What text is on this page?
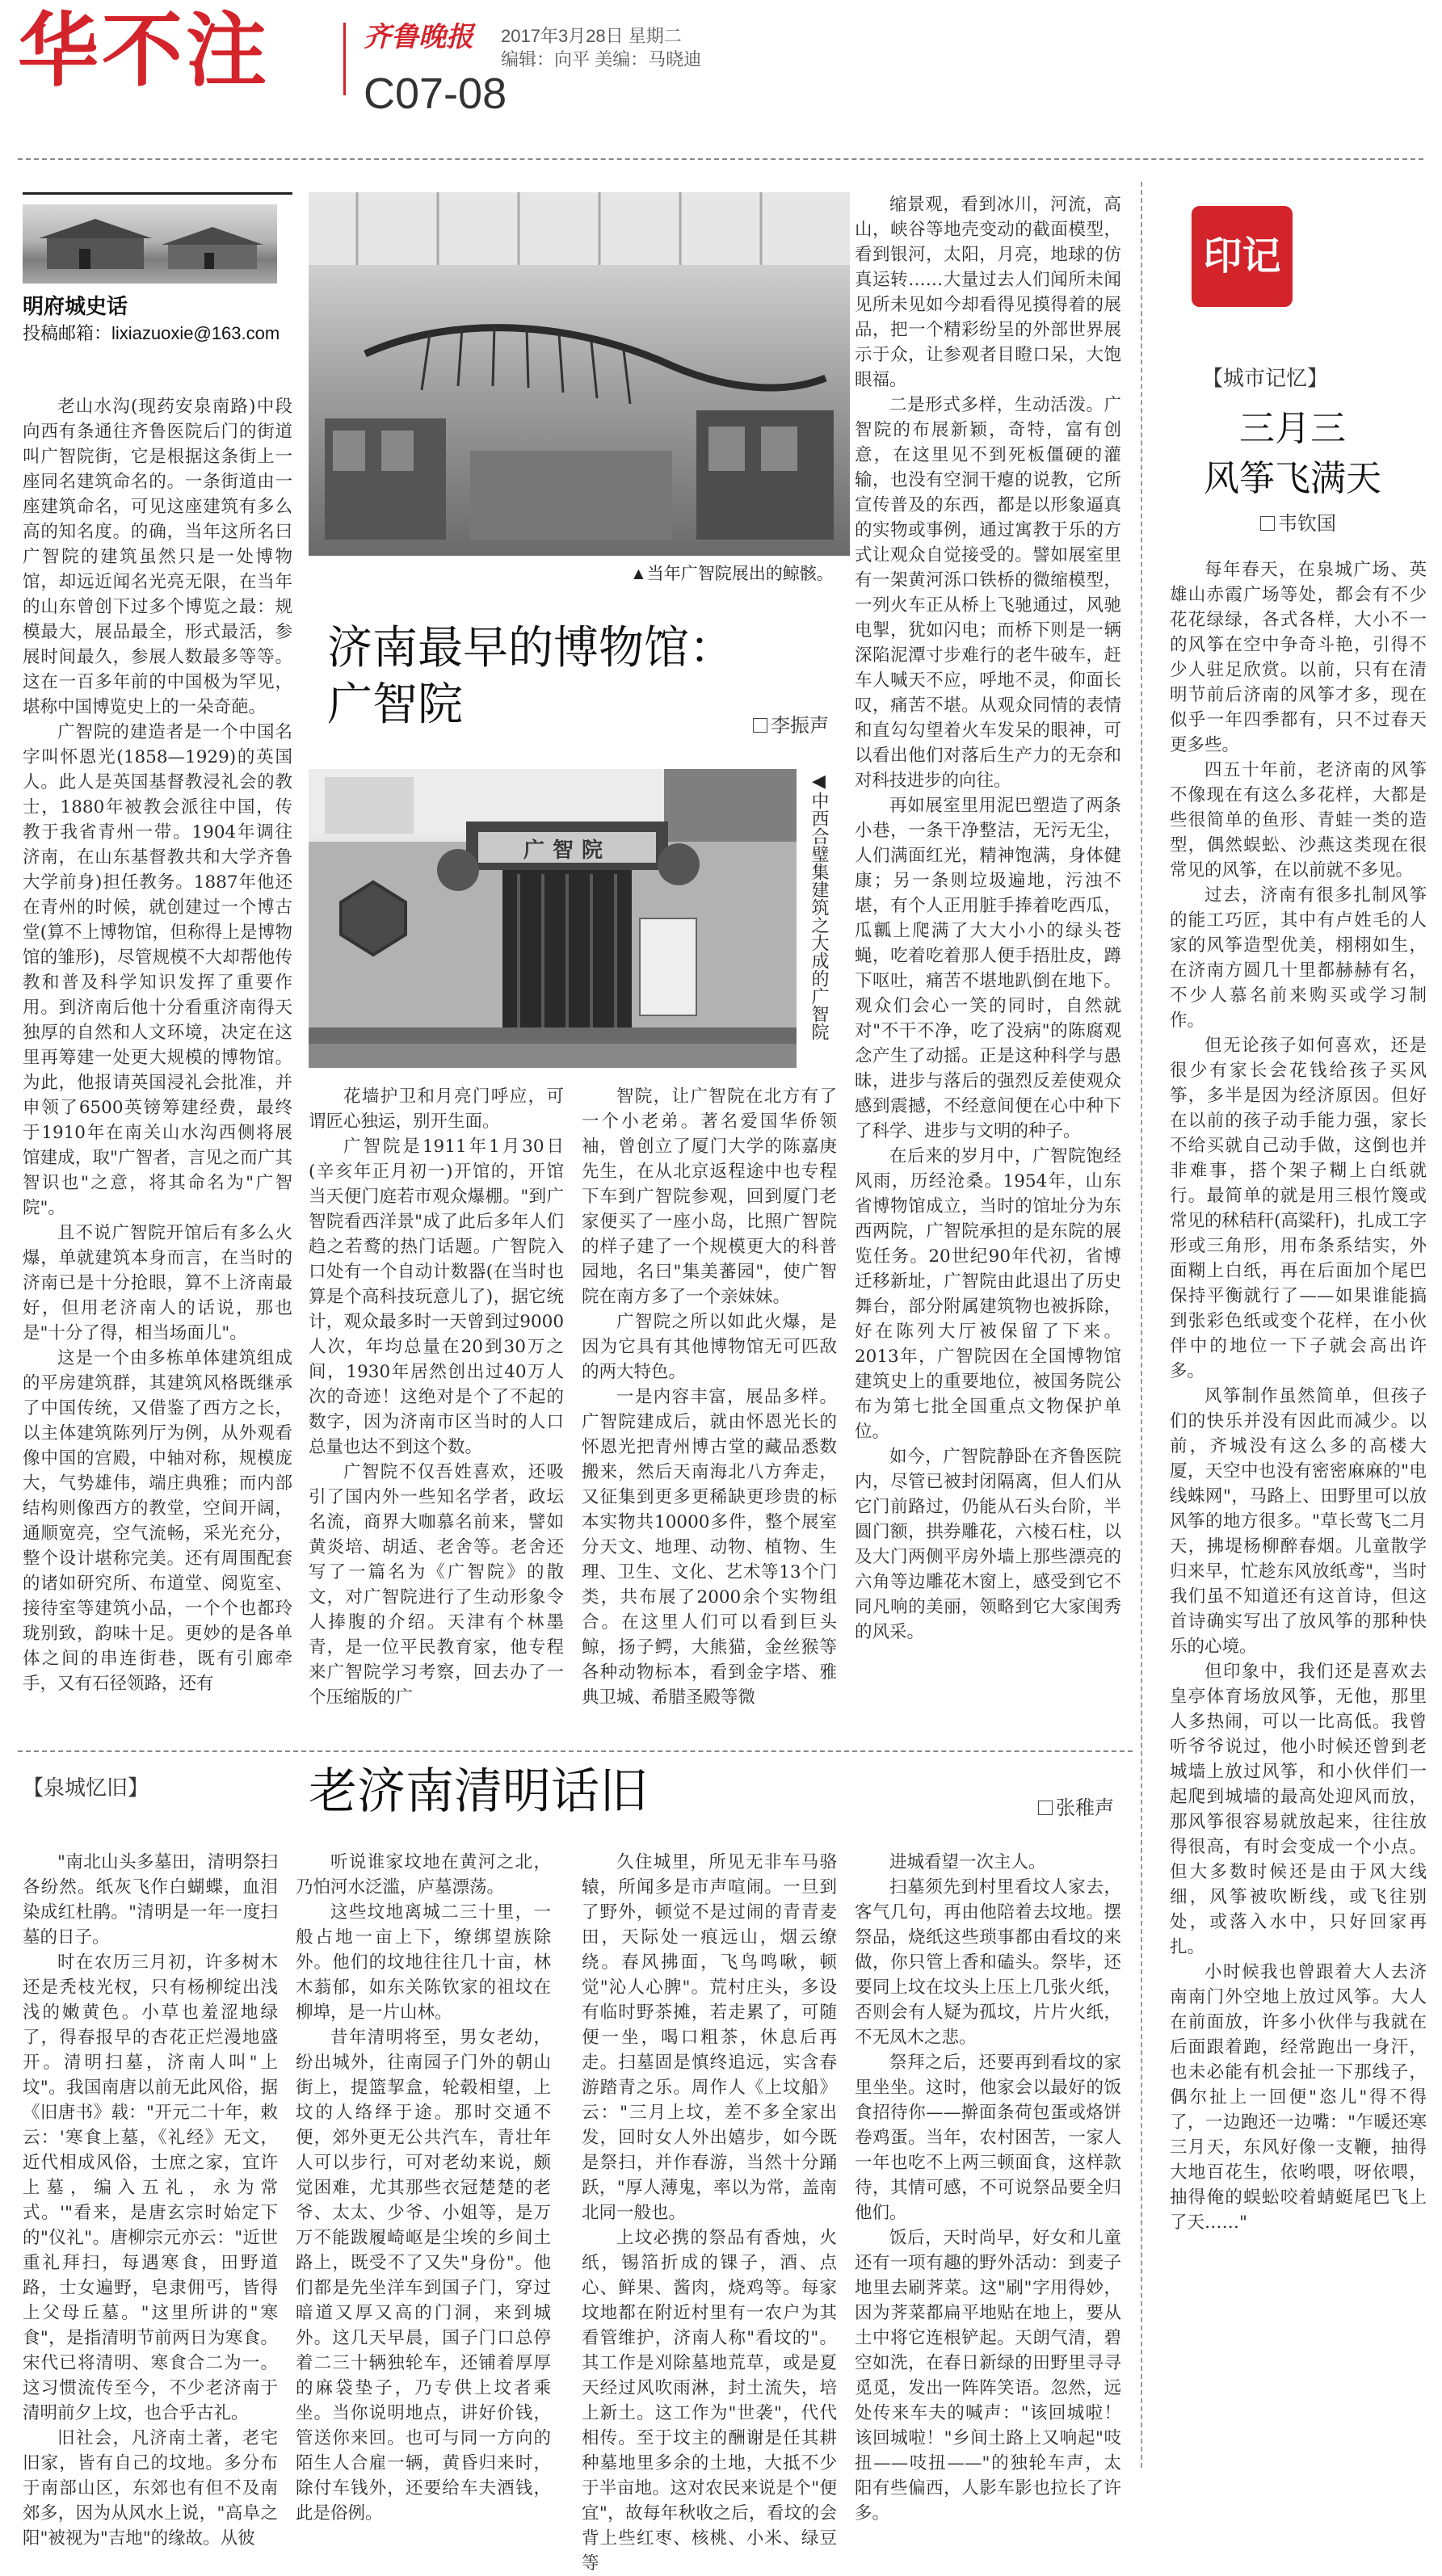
华不注	齐鲁晚报 2017年3月28日 星期二
编辑：向平 美编：马晓迪
C07-08
明府城史话
投稿邮箱：lixiazuoxie@163.com

老山水沟(现药安泉南路)中段向西有条通往齐鲁医院后门的街道叫广智院街，它是根据这条街上一座同名建筑命名的。一条街道由一座建筑命名，可见这座建筑有多么高的知名度。的确，当年这所名曰广智院的建筑虽然只是一处博物馆，却远近闻名光亮无限，在当年的山东曾创下过多个博览之最：规模最大，展品最全，形式最活，参展时间最久，参展人数最多等等。这在一百多年前的中国极为罕见，堪称中国博览史上的一朵奇葩。

广智院的建造者是一个中国名字叫怀恩光(1858—1929)的英国人。此人是英国基督教浸礼会的教士，1880年被教会派往中国，传教于我省青州一带。1904年调往济南，在山东基督教共和大学齐鲁大学前身)担任教务。1887年他还在青州的时候，就创建过一个博古堂(算不上博物馆，但称得上是博物馆的雏形)，尽管规模不大却帮他传教和普及科学知识发挥了重要作用。到济南后他十分看重济南得天独厚的自然和人文环境，决定在这里再筹建一处更大规模的博物馆。为此，他报请英国浸礼会批准，并申领了6500英镑筹建经费，最终于1910年在南关山水沟西侧将展馆建成，取"广智者，言见之而广其智识也"之意，将其命名为"广智院"。

且不说广智院开馆后有多么火爆，单就建筑本身而言，在当时的济南已是十分抢眼，算不上济南最好，但用老济南人的话说，那也是"十分了得，相当场面儿"。

这是一个由多栋单体建筑组成的平房建筑群，其建筑风格既继承了中国传统，又借鉴了西方之长，以主体建筑陈列厅为例，从外观看像中国的宫殿，中轴对称，规模庞大，气势雄伟，端庄典雅；而内部结构则像西方的教堂，空间开阔，通顺宽亮，空气流畅，采光充分，整个设计堪称完美。还有周围配套的诸如研究所、布道堂、阅览室、接待室等建筑小品，一个个也都玲珑别致，韵味十足。更妙的是各单体之间的串连街巷，既有引廊牵手，又有石径领路，还有

▲当年广智院展出的鲸骸。
济南最早的博物馆：
广智院	李振声
广智院
◀中西合璧集建筑之大成的广智院

花墙护卫和月亮门呼应，可谓匠心独运，别开生面。

广智院是1911年1月30日(辛亥年正月初一)开馆的，开馆当天便门庭若市观众爆棚。"到广智院看西洋景"成了此后多年人们趋之若鹜的热门话题。广智院入口处有一个自动计数器(在当时也算是个高科技玩意儿了)，据它统计，观众最多时一天曾到过9000人次，年均总量在20到30万之间，1930年居然创出过40万人次的奇迹！这绝对是个了不起的数字，因为济南市区当时的人口总量也达不到这个数。

广智院不仅吾姓喜欢，还吸引了国内外一些知名学者，政坛名流，商界大咖慕名前来，譬如黄炎培、胡适、老舍等。老舍还写了一篇名为《广智院》的散文，对广智院进行了生动形象令人捧腹的介绍。天津有个林墨青，是一位平民教育家，他专程来广智院学习考察，回去办了一个压缩版的广

智院，让广智院在北方有了一个小老弟。著名爱国华侨领袖，曾创立了厦门大学的陈嘉庚先生，在从北京返程途中也专程下车到广智院参观，回到厦门老家便买了一座小岛，比照广智院的样子建了一个规模更大的科普园地，名曰"集美蕃园"，使广智院在南方多了一个亲妹妹。

广智院之所以如此火爆，是因为它具有其他博物馆无可匹敌的两大特色。

一是内容丰富，展品多样。广智院建成后，就由怀恩光长的怀恩光把青州博古堂的藏品悉数搬来，然后天南海北八方奔走，又征集到更多更稀缺更珍贵的标本实物共10000多件，整个展室分天文、地理、动物、植物、生理、卫生、文化、艺术等13个门类，共布展了2000余个实物组合。在这里人们可以看到巨头鲸，扬子鳄，大熊猫，金丝猴等各种动物标本，看到金字塔、雅典卫城、希腊圣殿等微

缩景观，看到冰川，河流，高山，峡谷等地壳变动的截面模型，看到银河，太阳，月亮，地球的仿真运转……大量过去人们闻所未闻见所未见如今却看得见摸得着的展品，把一个精彩纷呈的外部世界展示于众，让参观者目瞪口呆，大饱眼福。

二是形式多样，生动活泼。广智院的布展新颖，奇特，富有创意，在这里见不到死板僵硬的灌输，也没有空洞干瘪的说教，它所宣传普及的东西，都是以形象逼真的实物或事例，通过寓教于乐的方式让观众自觉接受的。譬如展室里有一架黄河泺口铁桥的微缩模型，一列火车正从桥上飞驰通过，风驰电掣，犹如闪电；而桥下则是一辆深陷泥潭寸步难行的老牛破车，赶车人喊天不应，呼地不灵，仰面长叹，痛苦不堪。从观众同情的表情和直勾勾望着火车发呆的眼神，可以看出他们对落后生产力的无奈和对科技进步的向往。

再如展室里用泥巴塑造了两条小巷，一条干净整洁，无污无尘，人们满面红光，精神饱满，身体健康；另一条则垃圾遍地，污浊不堪，有个人正用脏手捧着吃西瓜，瓜瓤上爬满了大大小小的绿头苍蝇，吃着吃着那人便手捂肚皮，蹲下呕吐，痛苦不堪地趴倒在地下。观众们会心一笑的同时，自然就对"不干不净，吃了没病"的陈腐观念产生了动摇。正是这种科学与愚昧，进步与落后的强烈反差使观众感到震撼，不经意间便在心中种下了科学、进步与文明的种子。

在后来的岁月中，广智院饱经风雨，历经沧桑。1954年，山东省博物馆成立，当时的馆址分为东西两院，广智院承担的是东院的展览任务。20世纪90年代初，省博迁移新址，广智院由此退出了历史舞台，部分附属建筑物也被拆除，好在陈列大厅被保留了下来。2013年，广智院因在全国博物馆建筑史上的重要地位，被国务院公布为第七批全国重点文物保护单位。

如今，广智院静卧在齐鲁医院内，尽管已被封闭隔离，但人们从它门前路过，仍能从石头台阶，半圆门额，拱券雕花，六棱石柱，以及大门两侧平房外墙上那些漂亮的六角等边雕花木窗上，感受到它不同凡响的美丽，领略到它大家闺秀的风采。

【泉城忆旧】	老济南清明话旧	张稚声

"南北山头多墓田，清明祭扫各纷然。纸灰飞作白蝴蝶，血泪染成红杜鹃。"清明是一年一度扫墓的日子。

时在农历三月初，许多树木还是秃枝光杈，只有杨柳绽出浅浅的嫩黄色。小草也羞涩地绿了，得春报早的杏花正烂漫地盛开。清明扫墓，济南人叫"上坟"。我国南唐以前无此风俗，据《旧唐书》载："开元二十年，敕云：'寒食上墓，《礼经》无文，近代相成风俗，士庶之家，宜许上墓，编入五礼，永为常式。'"看来，是唐玄宗时始定下的"仪礼"。唐柳宗元亦云："近世重礼拜扫，每遇寒食，田野道路，士女遍野，皂隶佣丐，皆得上父母丘墓。"这里所讲的"寒食"，是指清明节前两日为寒食。宋代已将清明、寒食合二为一。这习惯流传至今，不少老济南于清明前夕上坟，也合乎古礼。

旧社会，凡济南土著，老宅旧家，皆有自己的坟地。多分布于南部山区，东郊也有但不及南郊多，因为从风水上说，"高阜之阳"被视为"吉地"的缘故。从彼

听说谁家坟地在黄河之北，乃怕河水泛滥，庐墓漂荡。

这些坟地离城二三十里，一般占地一亩上下，缭绑望族除外。他们的坟地往往几十亩，林木蓊郁，如东关陈钦家的祖坟在柳埠，是一片山林。

昔年清明将至，男女老幼，纷出城外，往南园子门外的朝山街上，提篮挈盒，轮毂相望，上坟的人络绎于途。那时交通不便，郊外更无公共汽车，青壮年人可以步行，可对老幼来说，颇觉困难，尤其那些衣冠楚楚的老爷、太太、少爷、小姐等，是万万不能跋履崎岖是尘埃的乡间土路上，既受不了又失"身份"。他们都是先坐洋车到国子门，穿过暗道又厚又高的门洞，来到城外。这几天早晨，国子门口总停着二三十辆独轮车，还铺着厚厚的麻袋垫子，乃专供上坟者乘坐。当你说明地点，讲好价钱，管送你来回。也可与同一方向的陌生人合雇一辆，黄昏归来时，除付车钱外，还要给车夫酒钱，此是俗例。

久住城里，所见无非车马骆辕，所闻多是市声喧闹。一旦到了野外，顿觉不是过闹的青青麦田，天际处一痕远山，烟云缭绕。春风拂面，飞鸟鸣啾，顿觉"沁人心脾"。荒村庄头，多设有临时野茶摊，若走累了，可随便一坐，喝口粗茶，休息后再走。扫墓固是慎终追远，实含春游踏青之乐。周作人《上坟船》云："三月上坟，差不多全家出发，回时女人外出嬉步，如今既是祭扫，并作春游，当然十分踊跃，"厚人薄鬼，率以为常，盖南北同一般也。

上坟必携的祭品有香烛，火纸，锡箔折成的锞子，酒、点心、鲜果、酱肉，烧鸡等。每家坟地都在附近村里有一农户为其看管维护，济南人称"看坟的"。其工作是刈除墓地荒草，或是夏天经过风吹雨淋，封土流失，培上新土。这工作为"世袭"，代代相传。至于坟主的酬谢是任其耕种墓地里多余的土地，大抵不少于半亩地。这对农民来说是个"便宜"，故每年秋收之后，看坟的会背上些红枣、核桃、小米、绿豆等

进城看望一次主人。

扫墓须先到村里看坟人家去，客气几句，再由他陪着去坟地。摆祭品，烧纸这些琐事都由看坟的来做，你只管上香和磕头。祭毕，还要同上坟在坟头上压上几张火纸，否则会有人疑为孤坟，片片火纸，不无凤木之悲。

祭拜之后，还要再到看坟的家里坐坐。这时，他家会以最好的饭食招待你——擀面条荷包蛋或烙饼卷鸡蛋。当年，农村困苦，一家人一年也吃不上两三顿面食，这样款待，其情可感，不可说祭品要全归他们。

饭后，天时尚早，好女和儿童还有一项有趣的野外活动：到麦子地里去刷荠菜。这"刷"字用得妙，因为荠菜都扁平地贴在地上，要从土中将它连根铲起。天朗气清，碧空如洗，在春日新绿的田野里寻寻觅觅，发出一阵阵笑语。忽然，远处传来车夫的喊声："该回城啦！该回城啦！"乡间土路上又响起"吱扭——吱扭——"的独轮车声，太阳有些偏西，人影车影也拉长了许多。

印记
【城市记忆】
三月三
风筝飞满天
韦钦国

每年春天，在泉城广场、英雄山赤霞广场等处，都会有不少花花绿绿，各式各样，大小不一的风筝在空中争奇斗艳，引得不少人驻足欣赏。以前，只有在清明节前后济南的风筝才多，现在似乎一年四季都有，只不过春天更多些。

四五十年前，老济南的风筝不像现在有这么多花样，大都是些很简单的鱼形、青蛙一类的造型，偶然蜈蚣、沙燕这类现在很常见的风筝，在以前就不多见。

过去，济南有很多扎制风筝的能工巧匠，其中有卢姓毛的人家的风筝造型优美，栩栩如生，在济南方圆几十里都赫赫有名，不少人慕名前来购买或学习制作。

但无论孩子如何喜欢，还是很少有家长会花钱给孩子买风筝，多半是因为经济原因。但好在以前的孩子动手能力强，家长不给买就自己动手做，这倒也并非难事，搭个架子糊上白纸就行。最简单的就是用三根竹篾或常见的秫秸秆(高粱秆)，扎成工字形或三角形，用布条系结实，外面糊上白纸，再在后面加个尾巴保持平衡就行了——如果谁能搞到张彩色纸或变个花样，在小伙伴中的地位一下子就会高出许多。

风筝制作虽然简单，但孩子们的快乐并没有因此而减少。以前，齐城没有这么多的高楼大厦，天空中也没有密密麻麻的"电线蛛网"，马路上、田野里可以放风筝的地方很多。"草长莺飞二月天，拂堤杨柳醉春烟。儿童散学归来早，忙趁东风放纸鸢"，当时我们虽不知道还有这首诗，但这首诗确实写出了放风筝的那种快乐的心境。

但印象中，我们还是喜欢去皇亭体育场放风筝，无他，那里人多热闹，可以一比高低。我曾听爷爷说过，他小时候还曾到老城墙上放过风筝，和小伙伴们一起爬到城墙的最高处迎风而放，那风筝很容易就放起来，往往放得很高，有时会变成一个小点。但大多数时候还是由于风大线细，风筝被吹断线，或飞往别处，或落入水中，只好回家再扎。

小时候我也曾跟着大人去济南南门外空地上放过风筝。大人在前面放，许多小伙伴与我就在后面跟着跑，经常跑出一身汗，也未必能有机会扯一下那线子，偶尔扯上一回便"恣儿"得不得了，一边跑还一边嘴："乍暖还寒三月天，东风好像一支鞭，抽得大地百花生，依哟喂，呀依喂，抽得俺的蜈蚣咬着蜻蜓尾巴飞上了天……"
